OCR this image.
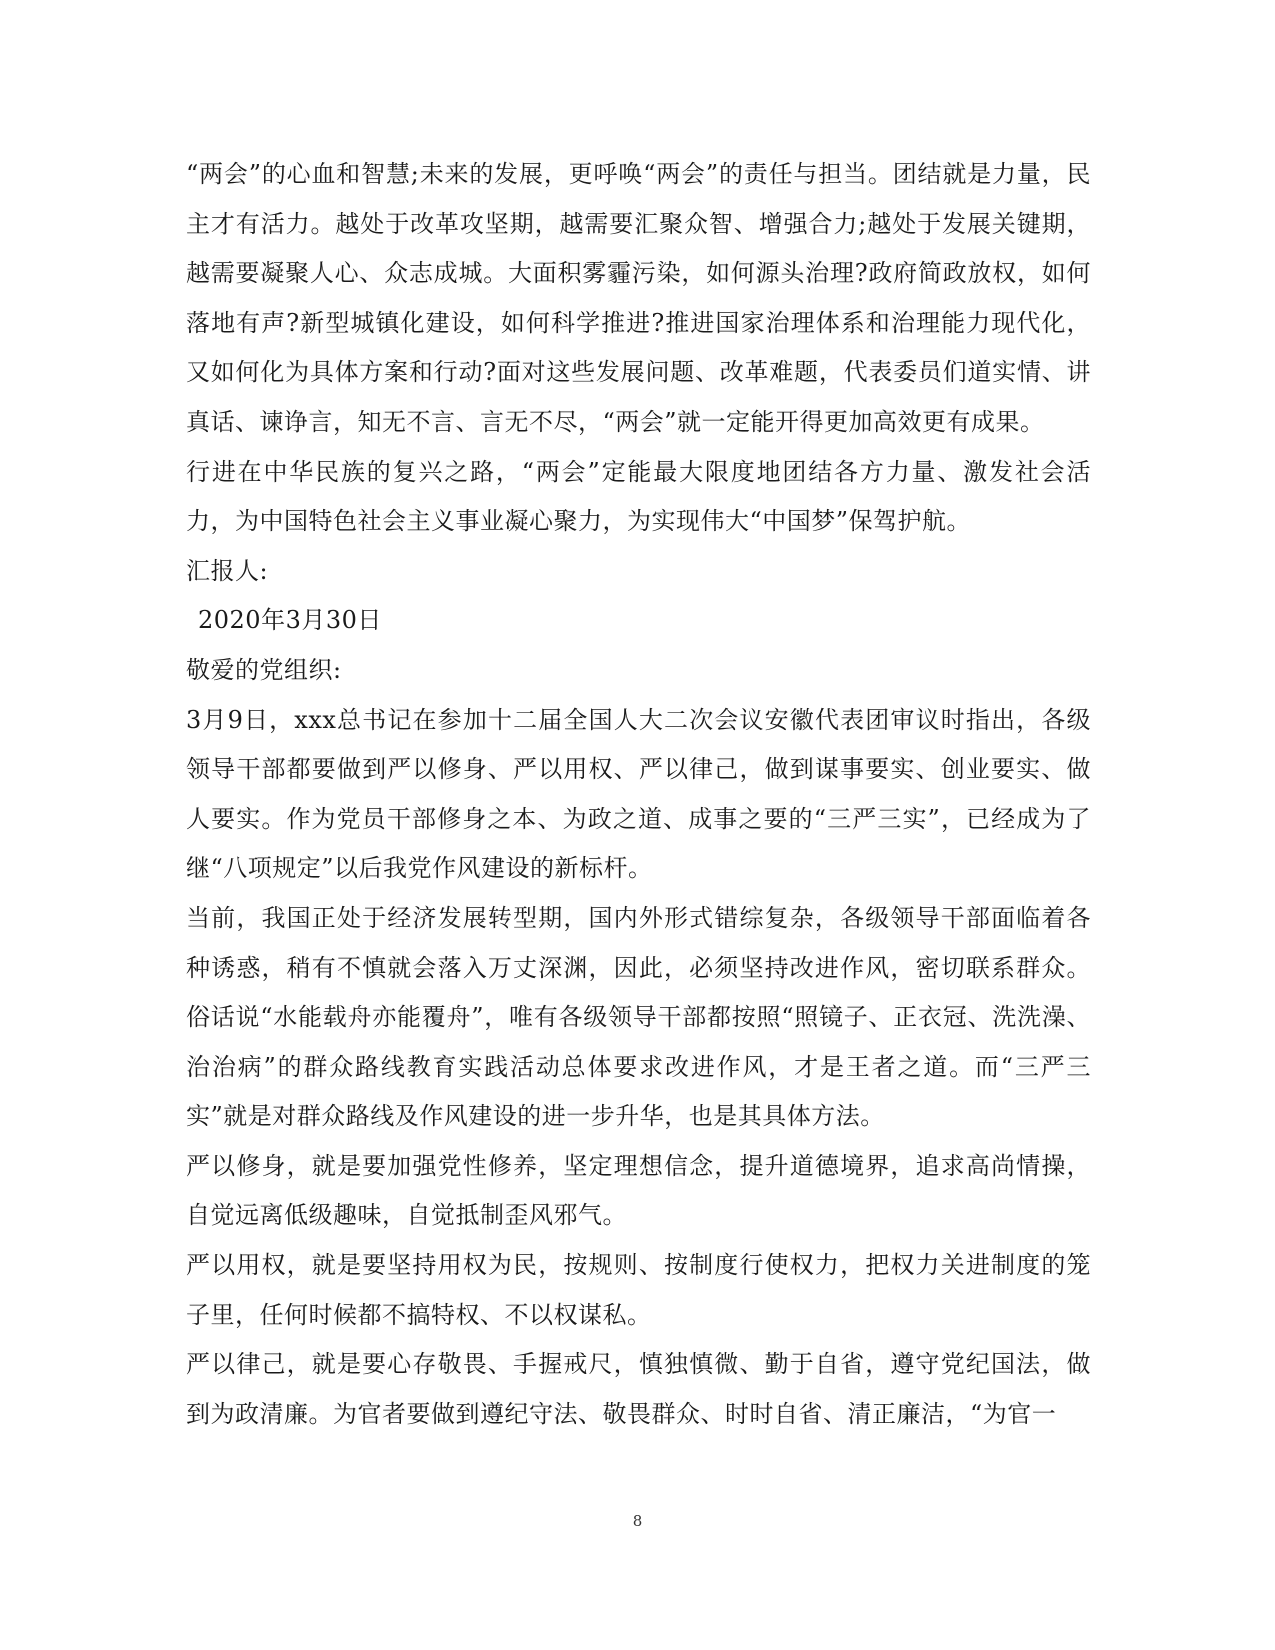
“两会”的心血和智慧;未来的发展，更呼唤“两会”的责任与担当。团结就是力量，民主才有活力。越处于改革攻坚期，越需要汇聚众智、增强合力;越处于发展关键期，越需要凝聚人心、众志成城。大面积雾霾污染，如何源头治理?政府简政放权，如何落地有声?新型城镇化建设，如何科学推进?推进国家治理体系和治理能力现代化，又如何化为具体方案和行动?面对这些发展问题、改革难题，代表委员们道实情、讲真话、谏诤言，知无不言、言无不尽，“两会”就一定能开得更加高效更有成果。

行进在中华民族的复兴之路，“两会”定能最大限度地团结各方力量、激发社会活力，为中国特色社会主义事业凝心聚力，为实现伟大“中国梦”保驾护航。

汇报人:

2020年3月30日

敬爱的党组织:

3月9日，xxx总书记在参加十二届全国人大二次会议安徽代表团审议时指出，各级领导干部都要做到严以修身、严以用权、严以律己，做到谋事要实、创业要实、做人要实。作为党员干部修身之本、为政之道、成事之要的“三严三实”，已经成为了继“八项规定”以后我党作风建设的新标杆。

当前，我国正处于经济发展转型期，国内外形式错综复杂，各级领导干部面临着各种诱惑，稍有不慎就会落入万丈深渊，因此，必须坚持改进作风，密切联系群众。俗话说“水能载舟亦能覆舟”，唯有各级领导干部都按照“照镜子、正衣冠、洗洗澡、治治病”的群众路线教育实践活动总体要求改进作风，才是王者之道。而“三严三实”就是对群众路线及作风建设的进一步升华，也是其具体方法。

严以修身，就是要加强党性修养，坚定理想信念，提升道德境界，追求高尚情操，自觉远离低级趣味，自觉抵制歪风邪气。

严以用权，就是要坚持用权为民，按规则、按制度行使权力，把权力关进制度的笼子里，任何时候都不搞特权、不以权谋私。

严以律己，就是要心存敬畏、手握戒尺，慎独慎微、勤于自省，遵守党纪国法，做到为政清廉。为官者要做到遵纪守法、敬畏群众、时时自省、清正廉洁，“为官一

8
